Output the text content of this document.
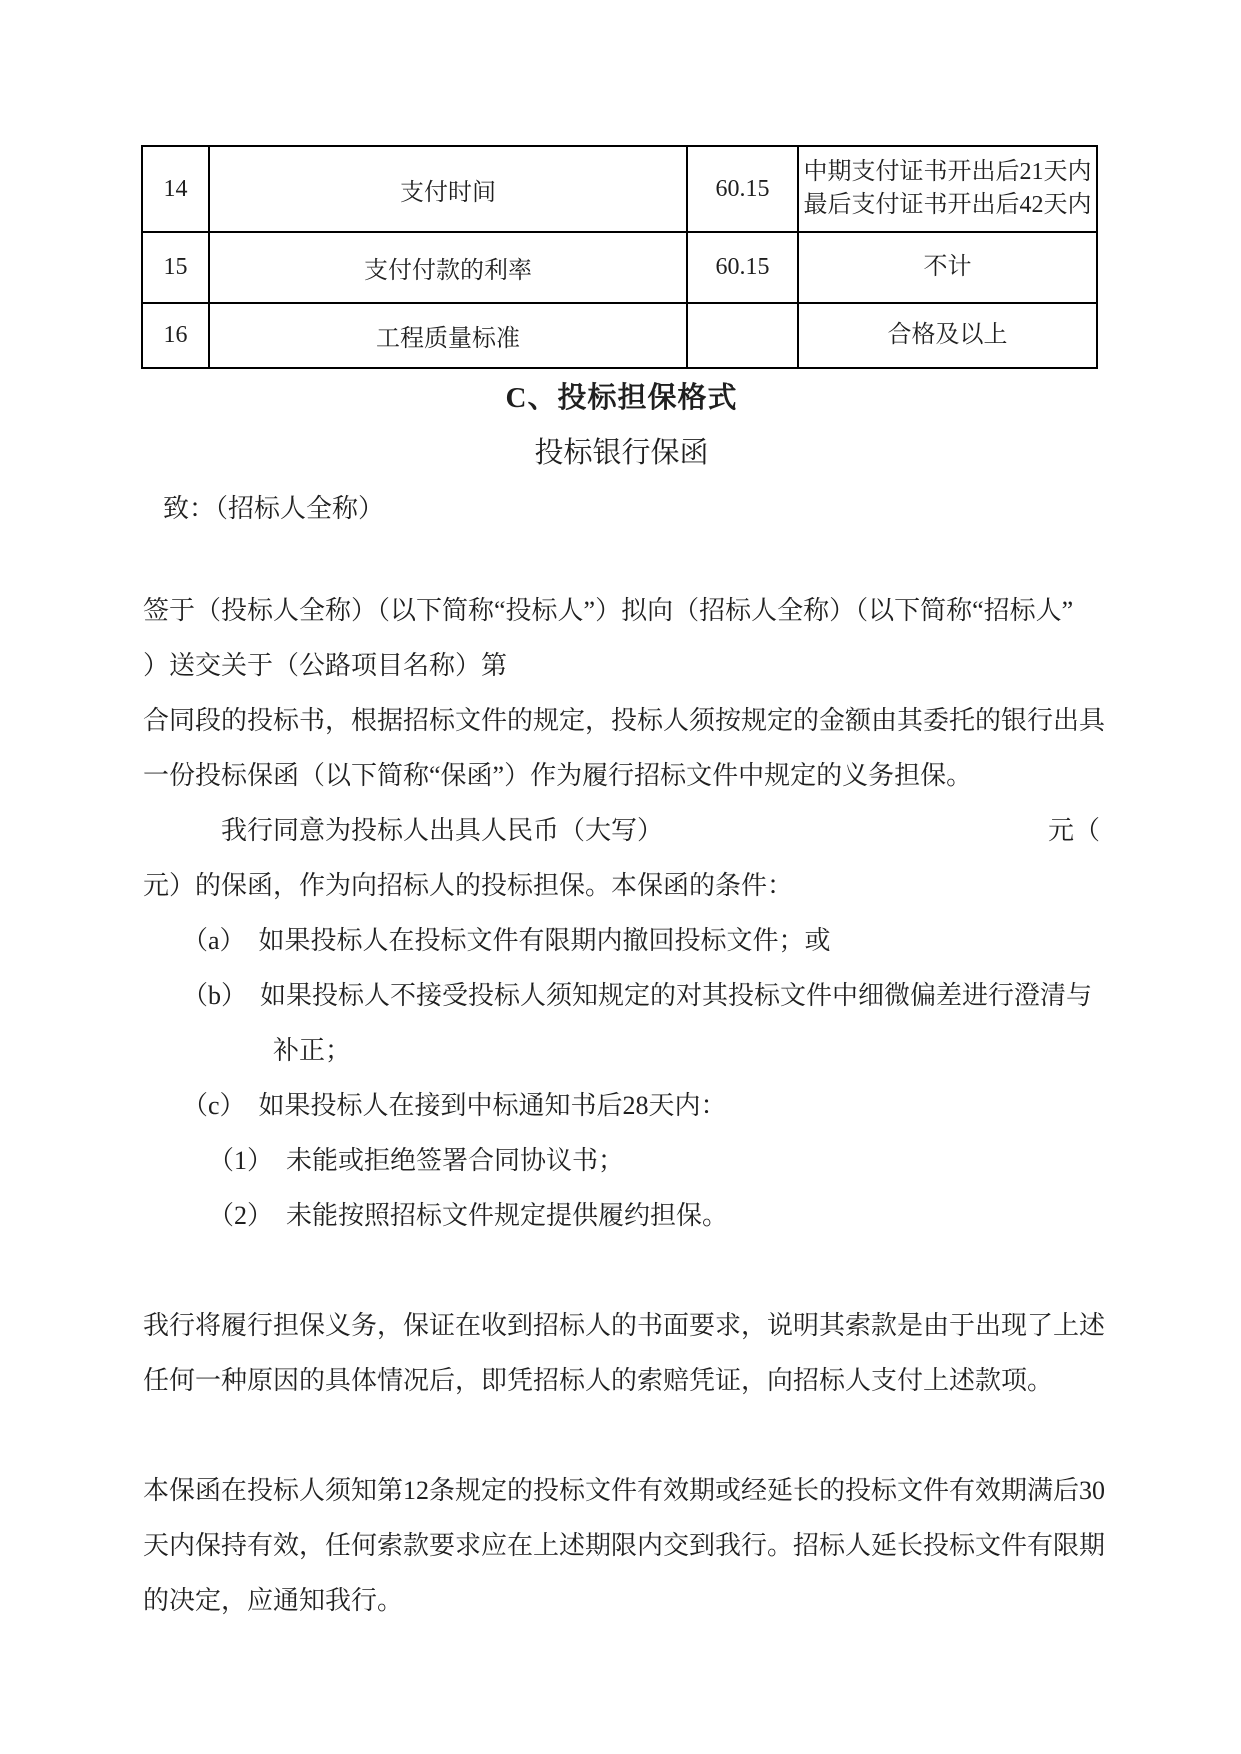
14	支付时间	60.15	中期支付证书开出后21天内
最后支付证书开出后42天内

15	支付付款的利率	60.15	不计

16	工程质量标准		合格及以上
C、投标担保格式
投标银行保函
致：（招标人全称）
签于（投标人全称）（以下简称“投标人”）拟向（招标人全称）（以下简称“招标人”
）送交关于（公路项目名称）第
合同段的投标书，根据招标文件的规定，投标人须按规定的金额由其委托的银行出具
一份投标保函（以下简称“保函”）作为履行招标文件中规定的义务担保。
　　　我行同意为投标人出具人民币（大写）	元（
元）的保函，作为向招标人的投标担保。本保函的条件：
　　（a）　如果投标人在投标文件有限期内撤回投标文件；或
　　（b）　如果投标人不接受投标人须知规定的对其投标文件中细微偏差进行澄清与
　　　　　补正；
　　（c）　如果投标人在接到中标通知书后28天内：
　　　（1）　未能或拒绝签署合同协议书；
　　　（2）　未能按照招标文件规定提供履约担保。
我行将履行担保义务，保证在收到招标人的书面要求，说明其索款是由于出现了上述
任何一种原因的具体情况后，即凭招标人的索赔凭证，向招标人支付上述款项。
本保函在投标人须知第12条规定的投标文件有效期或经延长的投标文件有效期满后30
天内保持有效，任何索款要求应在上述期限内交到我行。招标人延长投标文件有限期
的决定，应通知我行。
